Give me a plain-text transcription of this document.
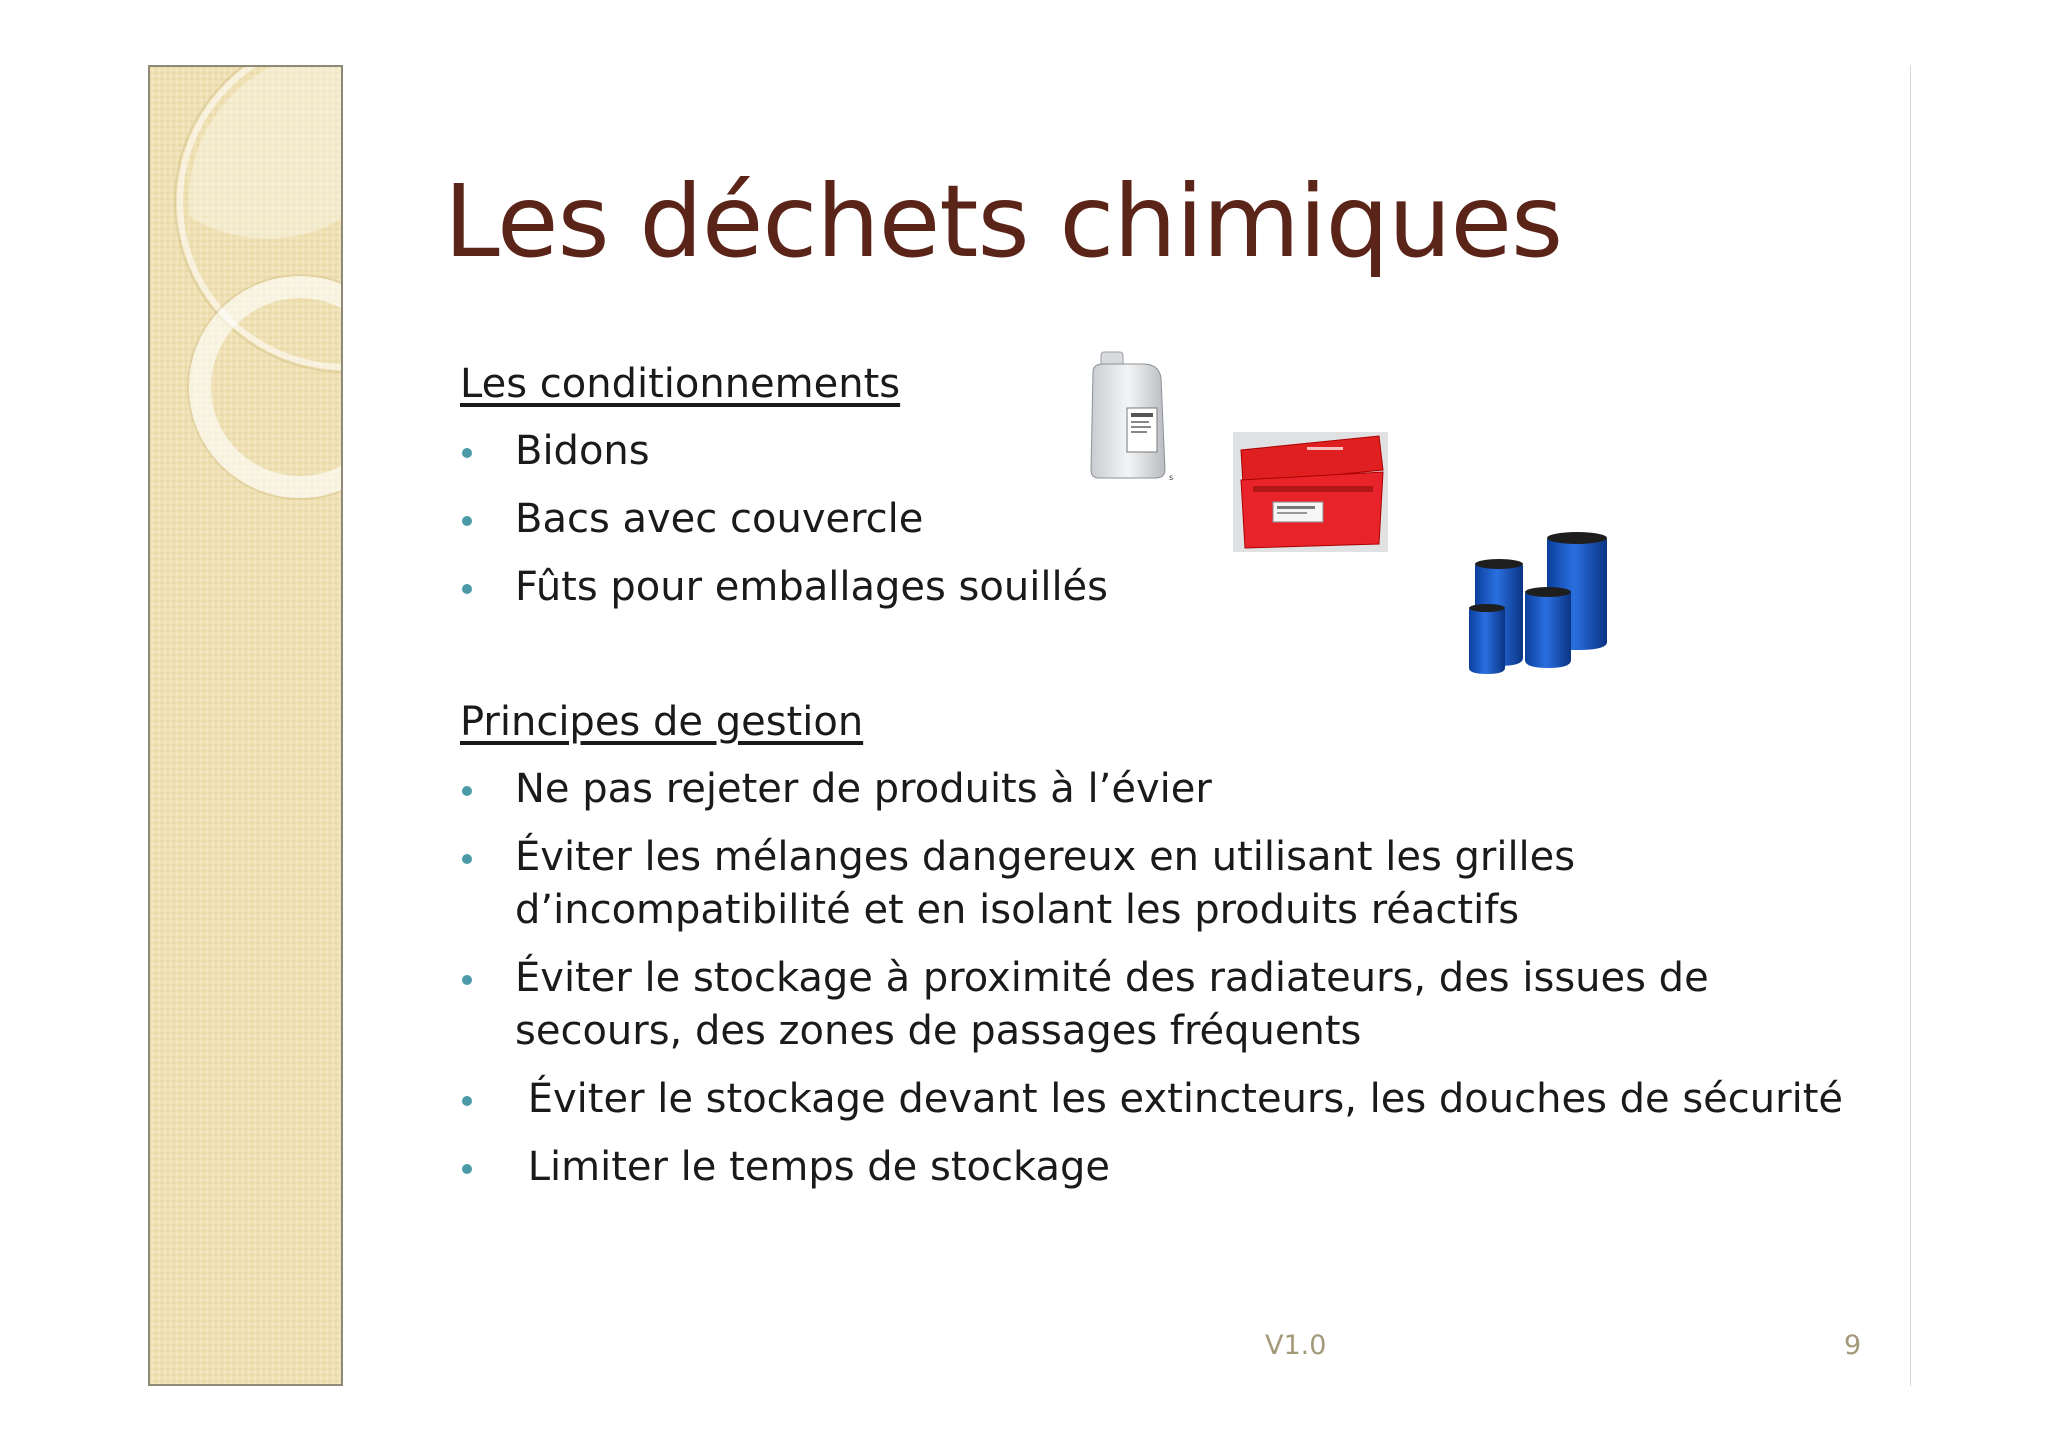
Les déchets chimiques
Les conditionnements
Bidons
Bacs avec couvercle
Fûts pour emballages souillés
Principes de gestion
Ne pas rejeter de produits à l’évier
Éviter les mélanges dangereux en utilisant les grilles d’incompatibilité et en isolant les produits réactifs
Éviter le stockage à proximité des radiateurs, des issues de secours, des zones de passages fréquents
Éviter le stockage devant les extincteurs, les douches de sécurité
Limiter le temps de stockage
s
V1.0	9
